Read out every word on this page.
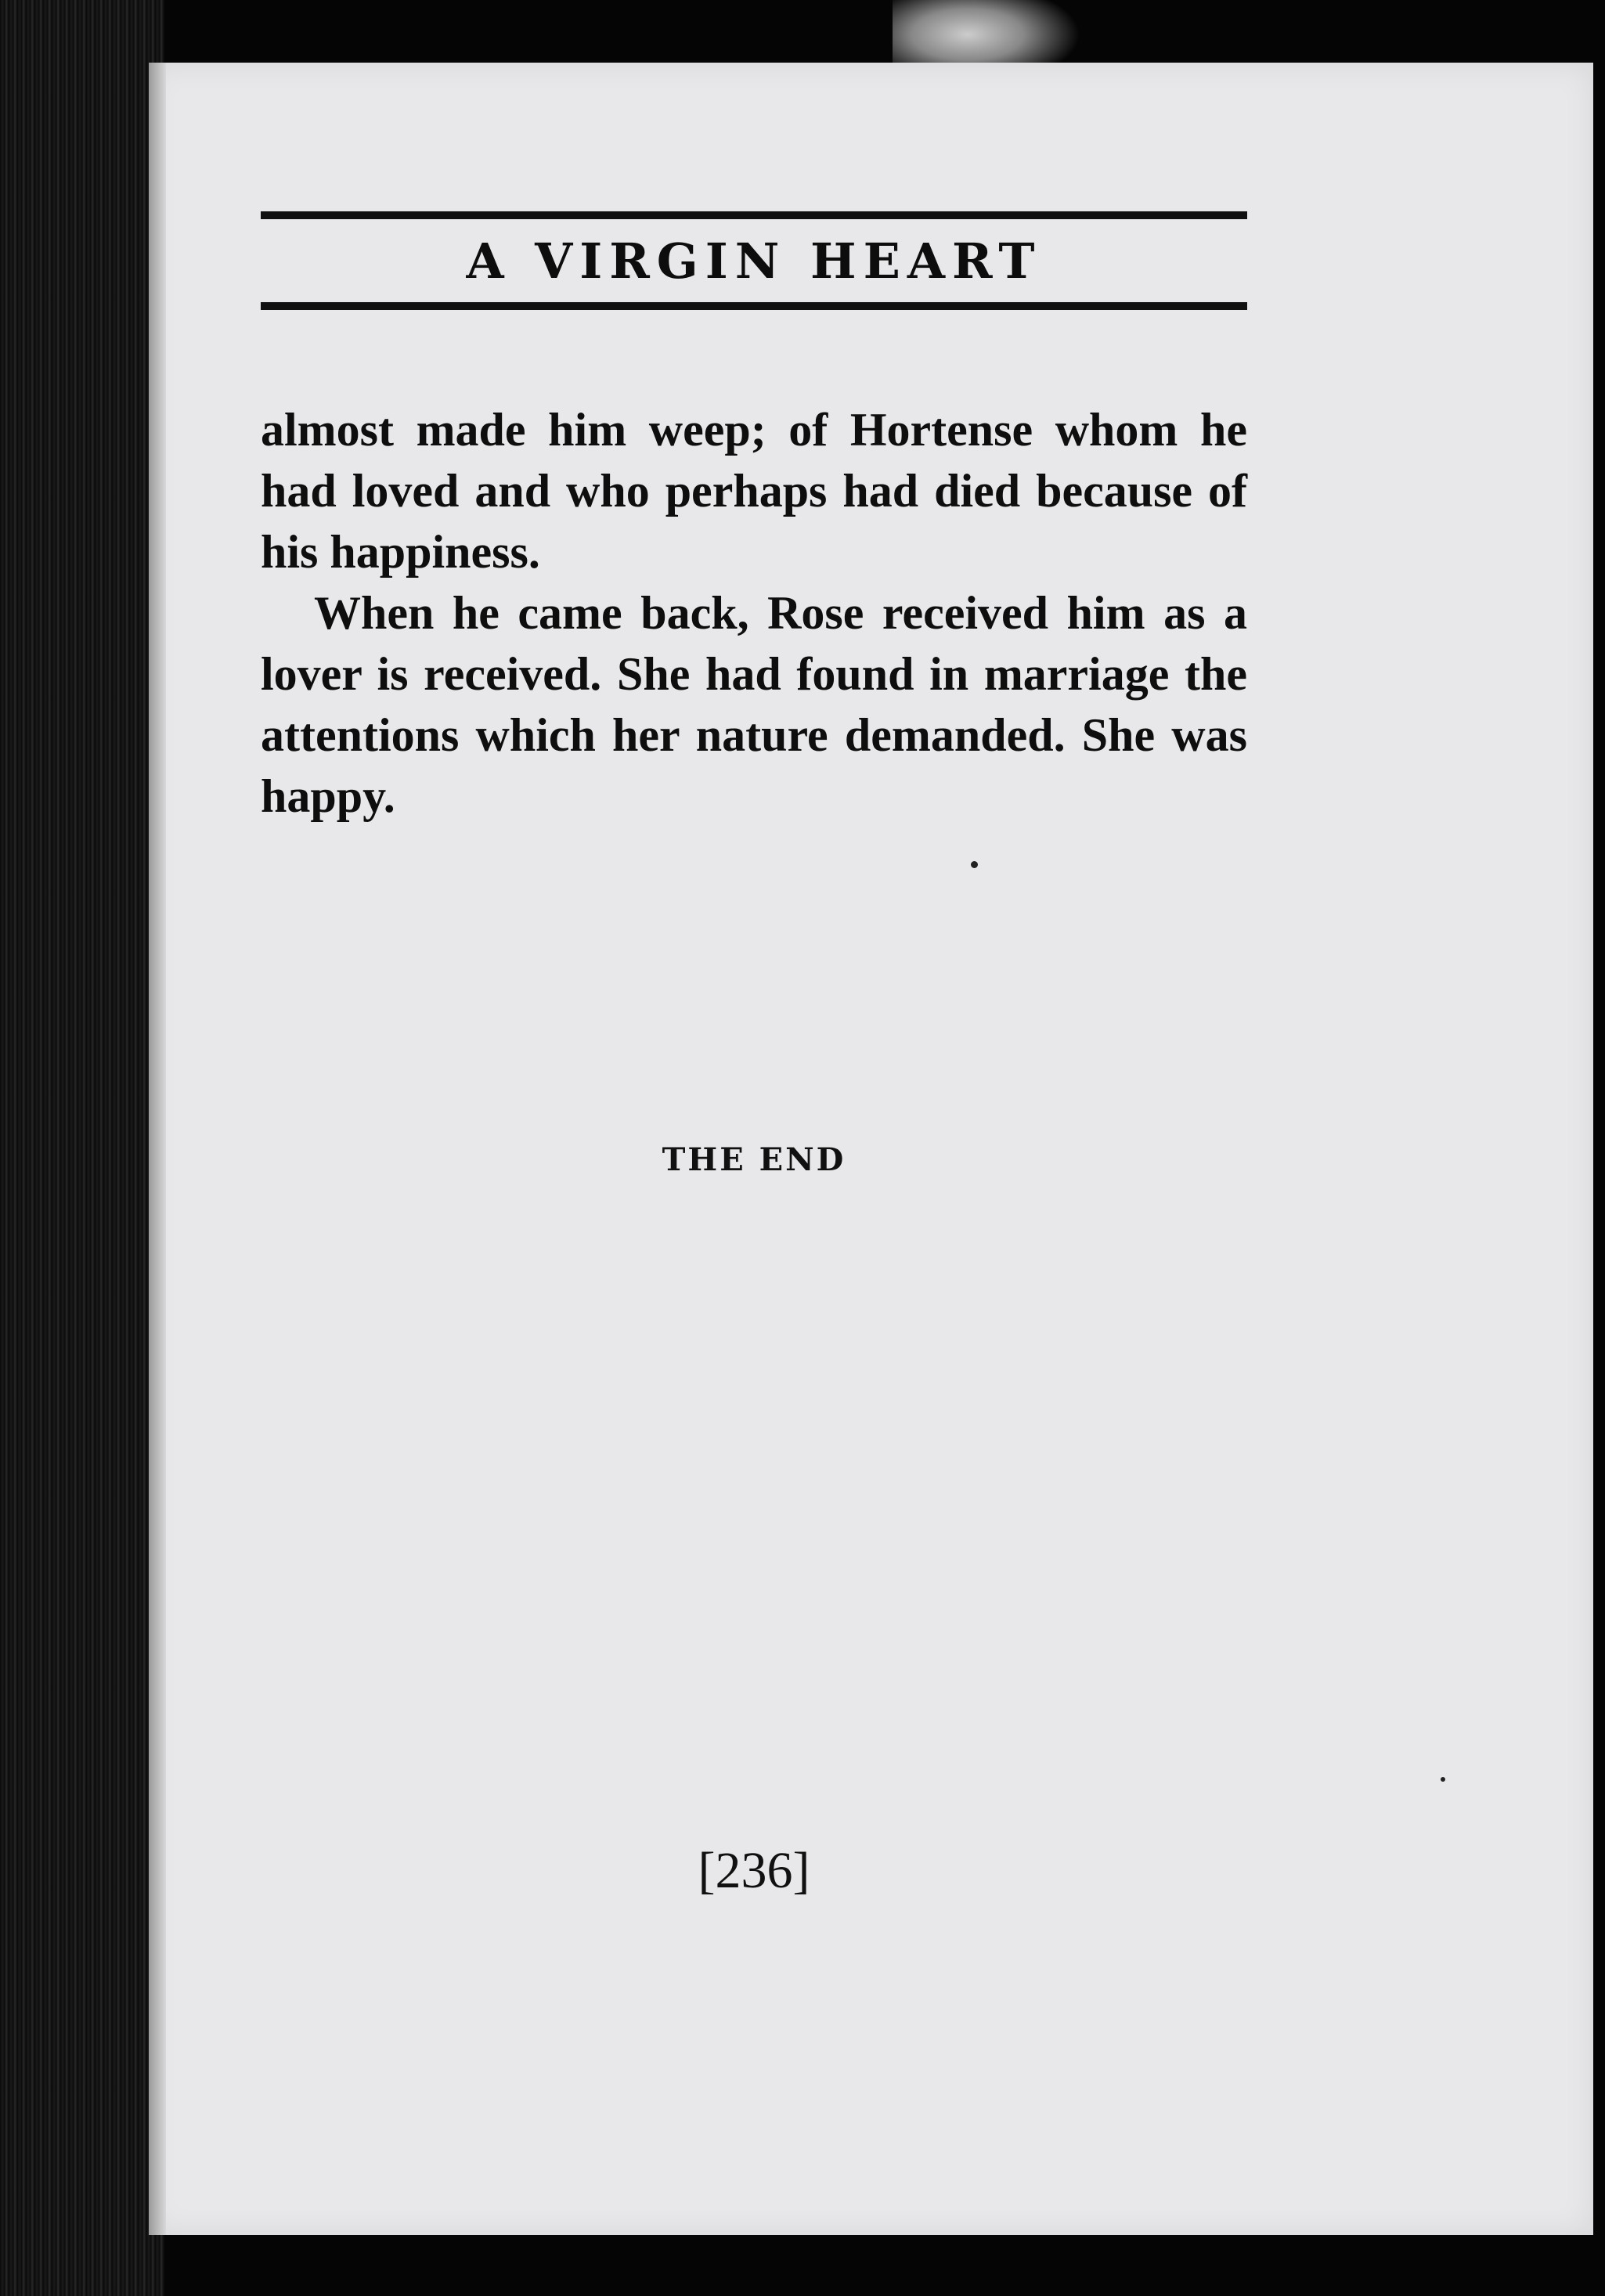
A VIRGIN HEART

almost made him weep; of Hortense whom he had loved and who perhaps had died because of his happiness.

When he came back, Rose received him as a lover is received. She had found in marriage the attentions which her nature demanded. She was happy.

THE END
[236]
